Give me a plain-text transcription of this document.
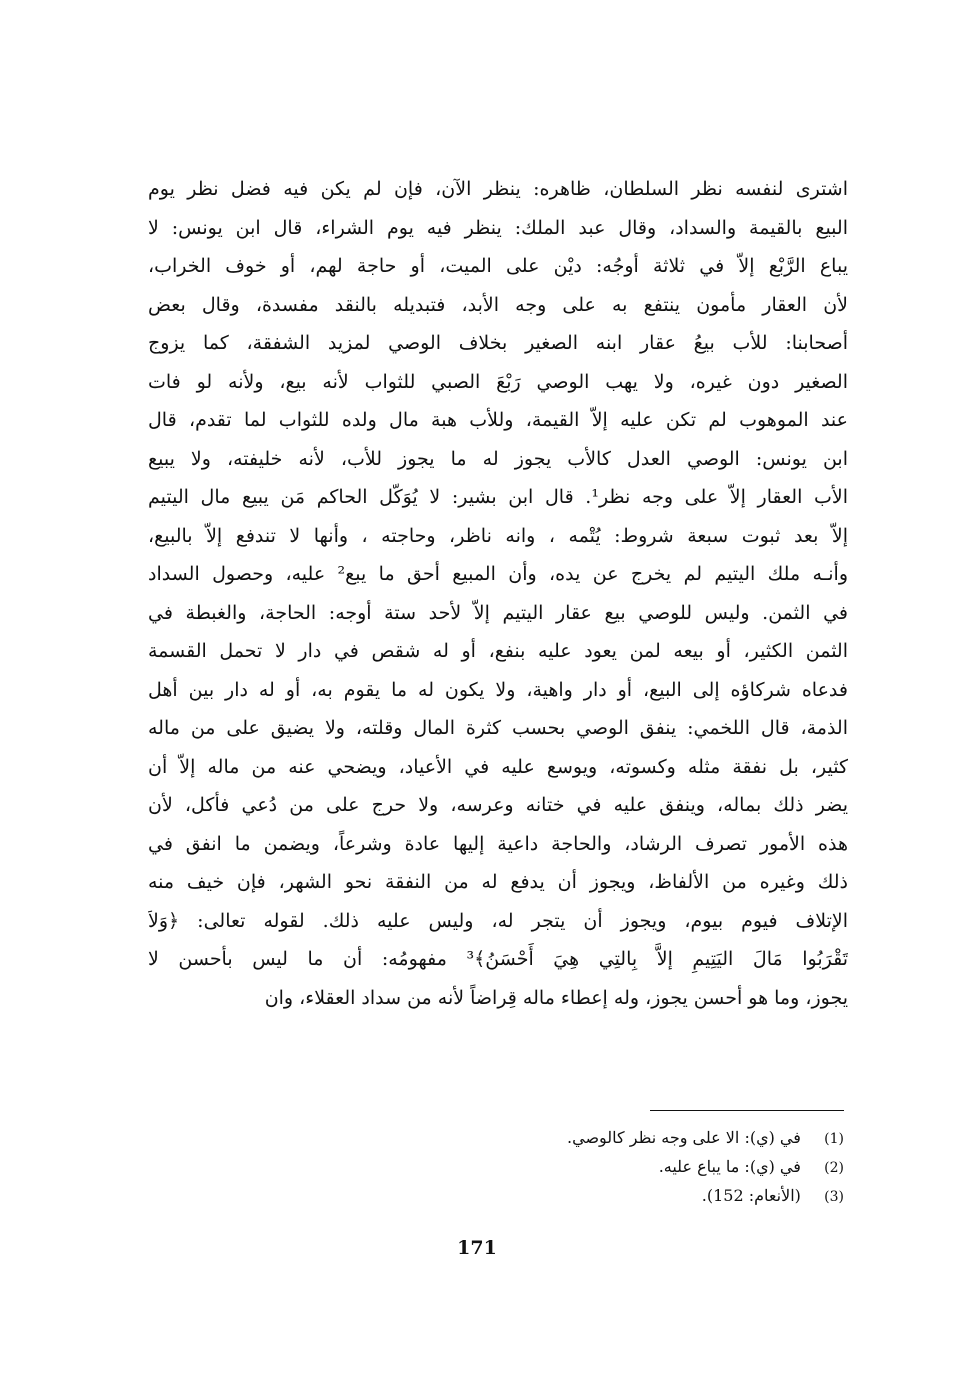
اشترى لنفسه نظر السلطان، ظاهره: ينظر الآن، فإن لم يكن فيه فضل نظر يوم
البيع بالقيمة والسداد، وقال عبد الملك: ينظر فيه يوم الشراء، قال ابن يونس: لا
يباع الرَّبْع إلاّ في ثلاثة أوجُه: ديْن على الميت، أو حاجة لهم، أو خوف الخراب،
لأن العقار مأمون ينتفع به على وجه الأبد، فتبديله بالنقد مفسدة، وقال بعض
أصحابنا: للأب بيعُ عقار ابنه الصغير بخلاف الوصي لمزيد الشفقة، كما يزوج
الصغير دون غيره، ولا يهب الوصي رَبْعَ الصبي للثواب لأنه بيع، ولأنه لو فات
عند الموهوب لم تكن عليه إلاّ القيمة، وللأب هبة مال ولده للثواب لما تقدم، قال
ابن يونس: الوصي العدل كالأب يجوز له ما يجوز للأب، لأنه خليفته، ولا يبيع
الأب العقار إلاّ على وجه نظر¹. قال ابن بشير: لا يُوَكّل الحاكم مَن يبيع مال اليتيم
إلاّ بعد ثبوت سبعة شروط: يُتْمه ، وانه ناظر، وحاجته ، وأنها لا تندفع إلاّ بالبيع،
وأنـه ملك اليتيم لم يخرج عن يده، وأن المبيع أحق ما يبع² عليه، وحصول السداد
في الثمن. وليس للوصي بيع عقار اليتيم إلاّ لأحد ستة أوجه: الحاجة، والغبطة في
الثمن الكثير، أو بيعه لمن يعود عليه بنفع، أو له شقص في دار لا تحمل القسمة
فدعاه شركاؤه إلى البيع، أو دار واهية، ولا يكون له ما يقوم به، أو له دار بين أهل
الذمة، قال اللخمي: ينفق الوصي بحسب كثرة المال وقلته، ولا يضيق على من ماله
كثير، بل نفقة مثله وكسوته، ويوسع عليه في الأعياد، ويضحي عنه من ماله إلاّ أن
يضر ذلك بماله، وينفق عليه في ختانه وعرسه، ولا حرج على من دُعي فأكل، لأن
هذه الأمور تصرف الرشاد، والحاجة داعية إليها عادة وشرعاً، ويضمن ما انفق في
ذلك وغيره من الألفاظ، ويجوز أن يدفع له من النفقة نحو الشهر، فإن خيف منه
الإتلاف فيوم بيوم، ويجوز أن يتجر له، وليس عليه ذلك. لقوله تعالى: ﴿وَلاَ
تَقْرَبُوا مَالَ اليَتِيمِ إلاَّ بِالتِي هِيَ أَحْسَنُ﴾³ مفهومُه: أن ما ليس بأحسن لا
يجوز، وما هو أحسن يجوز، وله إعطاء ماله قِراضاً لأنه من سداد العقلاء، وان
(1) في (ي): الا على وجه نظر كالوصي.
(2) في (ي): ما يباع عليه.
(3) (الأنعام: 152).
171
